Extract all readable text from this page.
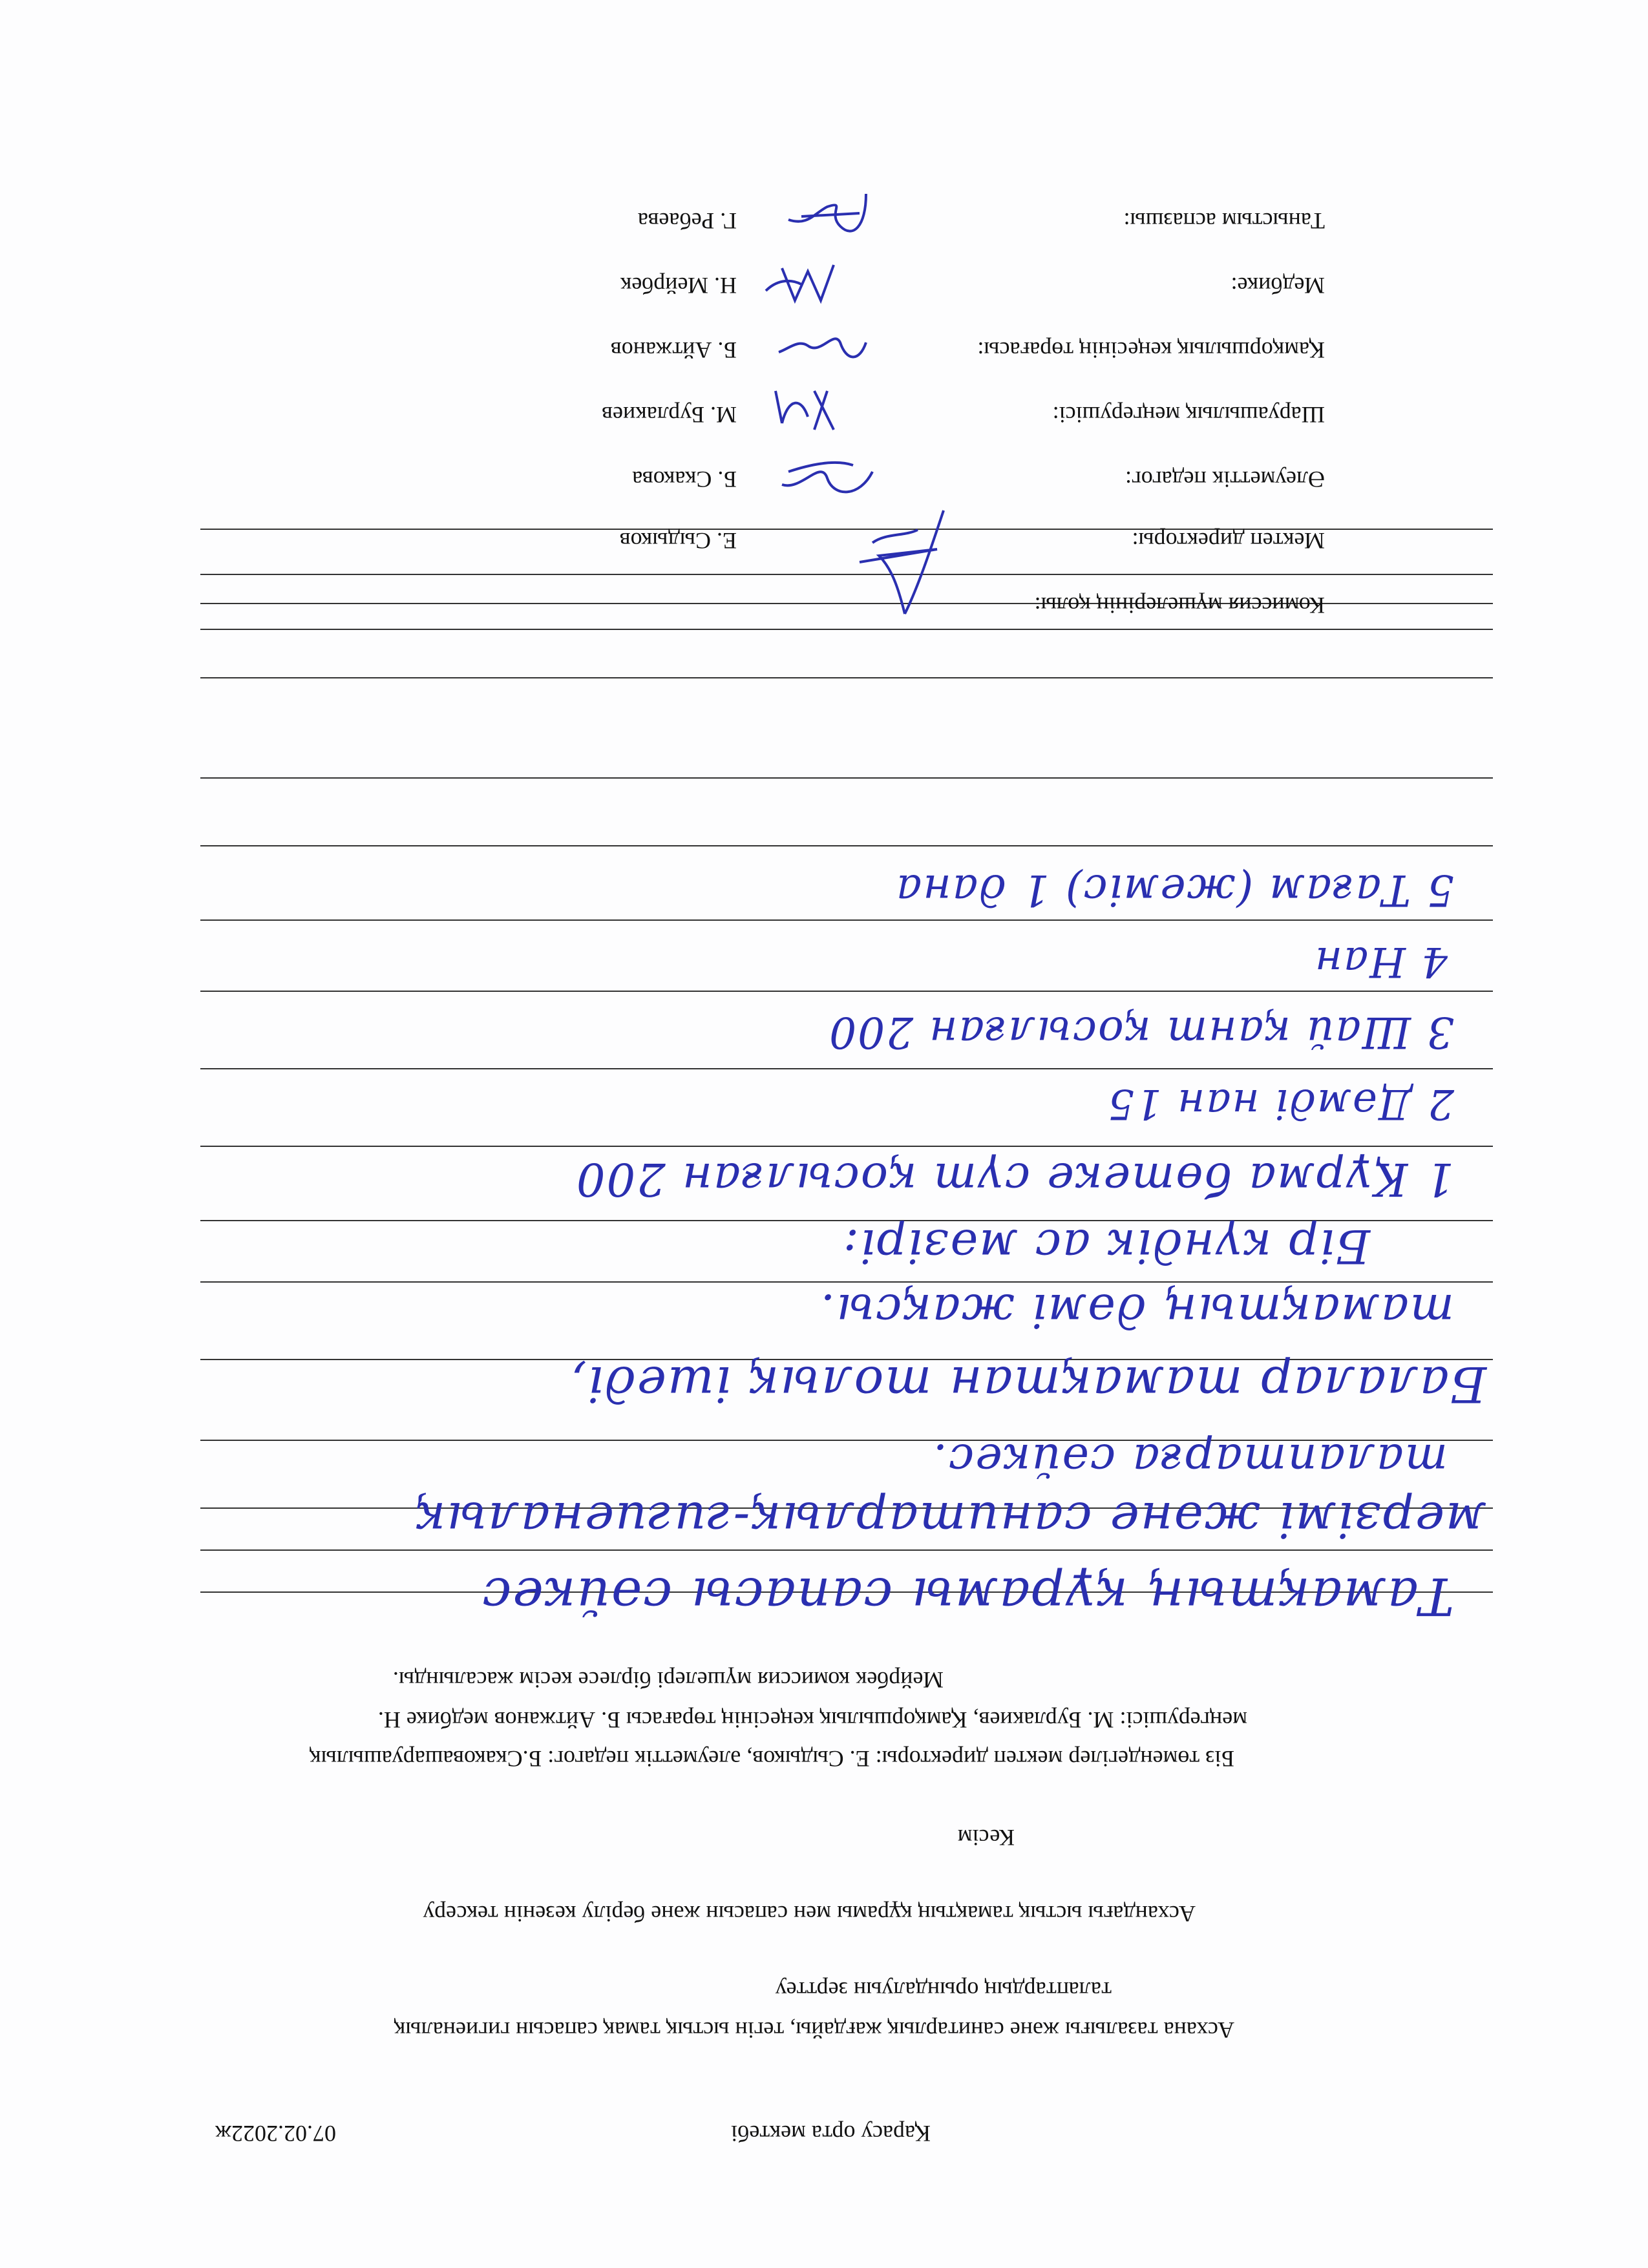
Қарасу орта мектебі
07.02.2022ж
Асхана тазалығы және санитарлық жағдайы, тегін ыстық тамақ сапасын гигиеналық
талаптардың орындалуын зерттеу
Асхандағы ыстық тамақтың құрамы мен сапасын және берілу кезенін тексеру
Кесім
Біз төмендегілер мектеп директоры: Е. Сыдыков, әлеуметтік педагог: Б.Скаковашаруашылық
меңгерушісі: М. Бурлакиев, Қамқоршылық кеңесінің төрағасы Б. Айтжанов медбике Н.
Мейрбек комиссия мүшелері бірлесе кесім жасалынды.
Тамақтың құрамы сапасы сәйкес
мерзімі және санитарлық-гигиеналық
талаптарға сәйкес.
Балалар тамақтан толық ішеді,
тамақтың дәмі жақсы.
Бір күндік ас мәзірі:
1 Құрма бөтеке сүт қосылған 200
2 Дәмді нан 15
3 Шай қант қосылған 200
4 Нан
5 Тағам (жеміс) 1 дана
Комиссия мүшелерінің қолы:
Мектеп директоры:
Е. Сыдыков
Әлеуметтік педагог:
Б. Скакова
Шаруашылық меңгерушісі:
М. Бурлакиев
Қамқоршылық кеңесінің төрағасы:
Б. Айтжанов
Медбике:
Н. Мейрбек
Таныстым аспазшы:
Г. Ребаева
